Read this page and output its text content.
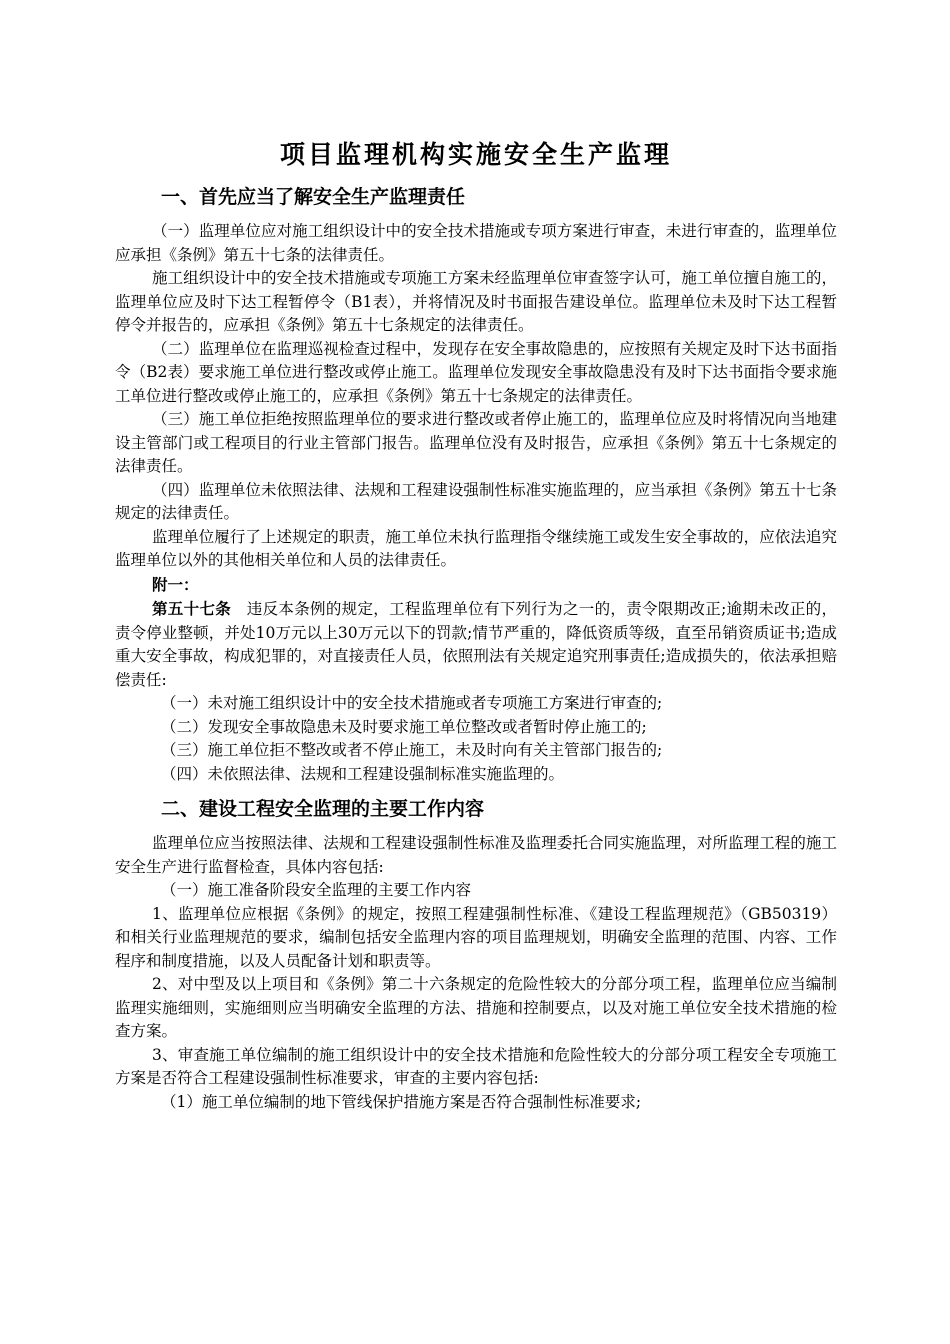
项目监理机构实施安全生产监理
一、首先应当了解安全生产监理责任

（一）监理单位应对施工组织设计中的安全技术措施或专项方案进行审查，未进行审查的，监理单位应承担《条例》第五十七条的法律责任。

施工组织设计中的安全技术措施或专项施工方案未经监理单位审查签字认可，施工单位擅自施工的，监理单位应及时下达工程暂停令（B1表），并将情况及时书面报告建设单位。监理单位未及时下达工程暂停令并报告的，应承担《条例》第五十七条规定的法律责任。

（二）监理单位在监理巡视检查过程中，发现存在安全事故隐患的，应按照有关规定及时下达书面指令（B2表）要求施工单位进行整改或停止施工。监理单位发现安全事故隐患没有及时下达书面指令要求施工单位进行整改或停止施工的，应承担《条例》第五十七条规定的法律责任。

（三）施工单位拒绝按照监理单位的要求进行整改或者停止施工的，监理单位应及时将情况向当地建设主管部门或工程项目的行业主管部门报告。监理单位没有及时报告，应承担《条例》第五十七条规定的法律责任。

（四）监理单位未依照法律、法规和工程建设强制性标准实施监理的，应当承担《条例》第五十七条规定的法律责任。

监理单位履行了上述规定的职责，施工单位未执行监理指令继续施工或发生安全事故的，应依法追究监理单位以外的其他相关单位和人员的法律责任。

附一：

第五十七条 违反本条例的规定，工程监理单位有下列行为之一的，责令限期改正;逾期未改正的，责令停业整顿，并处10万元以上30万元以下的罚款;情节严重的，降低资质等级，直至吊销资质证书;造成重大安全事故，构成犯罪的，对直接责任人员，依照刑法有关规定追究刑事责任;造成损失的，依法承担赔偿责任:

（一）未对施工组织设计中的安全技术措施或者专项施工方案进行审查的;

（二）发现安全事故隐患未及时要求施工单位整改或者暂时停止施工的;

（三）施工单位拒不整改或者不停止施工，未及时向有关主管部门报告的;

（四）未依照法律、法规和工程建设强制标准实施监理的。

二、建设工程安全监理的主要工作内容

监理单位应当按照法律、法规和工程建设强制性标准及监理委托合同实施监理，对所监理工程的施工安全生产进行监督检查，具体内容包括:

（一）施工准备阶段安全监理的主要工作内容

1、监理单位应根据《条例》的规定，按照工程建强制性标准、《建设工程监理规范》（GB50319）和相关行业监理规范的要求，编制包括安全监理内容的项目监理规划，明确安全监理的范围、内容、工作程序和制度措施，以及人员配备计划和职责等。

2、对中型及以上项目和《条例》第二十六条规定的危险性较大的分部分项工程，监理单位应当编制监理实施细则，实施细则应当明确安全监理的方法、措施和控制要点，以及对施工单位安全技术措施的检查方案。

3、审查施工单位编制的施工组织设计中的安全技术措施和危险性较大的分部分项工程安全专项施工方案是否符合工程建设强制性标准要求，审查的主要内容包括:

（1）施工单位编制的地下管线保护措施方案是否符合强制性标准要求;
